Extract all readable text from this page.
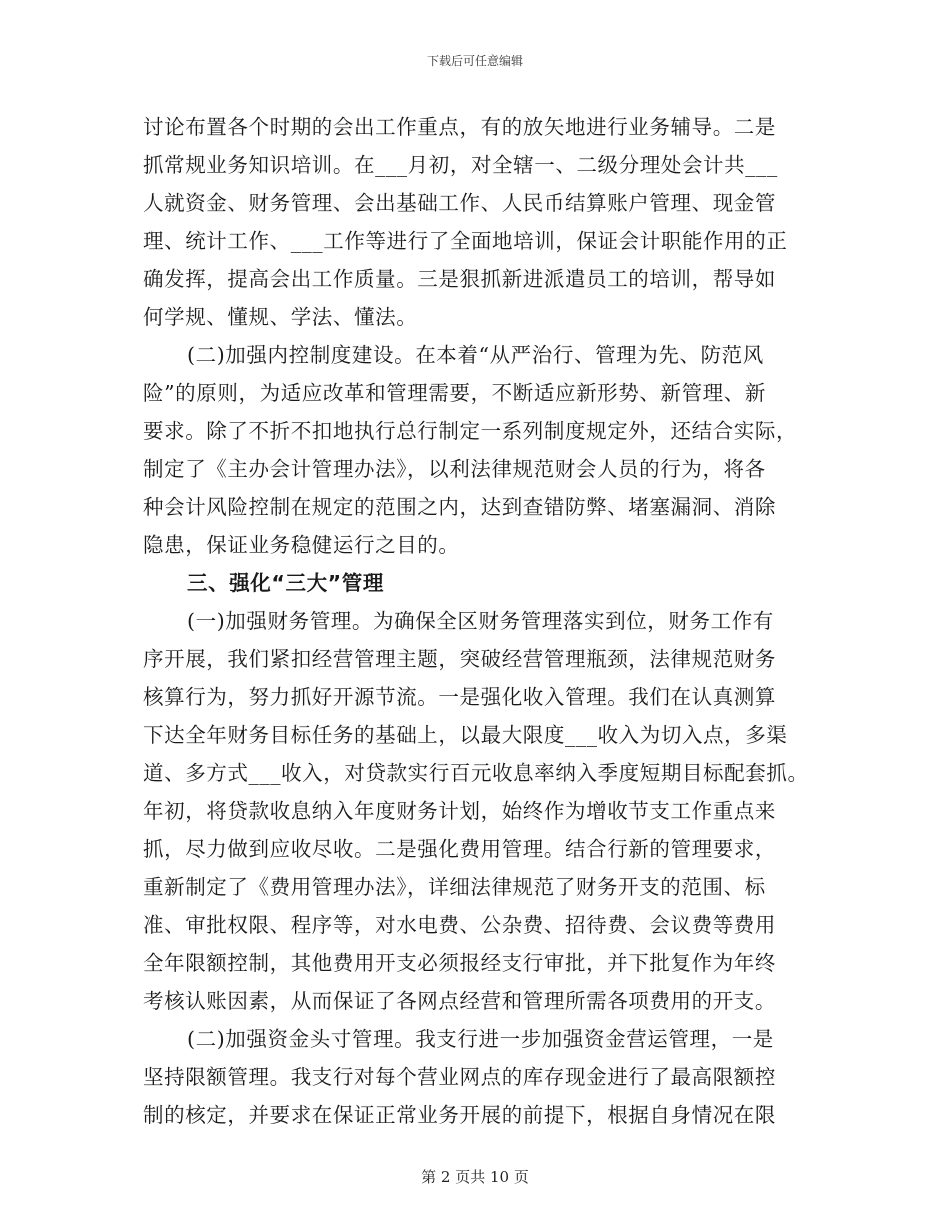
下载后可任意编辑
讨论布置各个时期的会出工作重点，有的放矢地进行业务辅导。二是
抓常规业务知识培训。在___月初，对全辖一、二级分理处会计共___
人就资金、财务管理、会出基础工作、人民币结算账户管理、现金管
理、统计工作、___工作等进行了全面地培训，保证会计职能作用的正
确发挥，提高会出工作质量。三是狠抓新进派遣员工的培训，帮导如
何学规、懂规、学法、懂法。
(二)加强内控制度建设。在本着“从严治行、管理为先、防范风
险”的原则，为适应改革和管理需要，不断适应新形势、新管理、新
要求。除了不折不扣地执行总行制定一系列制度规定外，还结合实际，
制定了《主办会计管理办法》，以利法律规范财会人员的行为，将各
种会计风险控制在规定的范围之内，达到查错防弊、堵塞漏洞、消除
隐患，保证业务稳健运行之目的。
三、强化“三大”管理
(一)加强财务管理。为确保全区财务管理落实到位，财务工作有
序开展，我们紧扣经营管理主题，突破经营管理瓶颈，法律规范财务
核算行为，努力抓好开源节流。一是强化收入管理。我们在认真测算
下达全年财务目标任务的基础上，以最大限度___收入为切入点，多渠
道、多方式___收入，对贷款实行百元收息率纳入季度短期目标配套抓。
年初，将贷款收息纳入年度财务计划，始终作为增收节支工作重点来
抓，尽力做到应收尽收。二是强化费用管理。结合行新的管理要求，
重新制定了《费用管理办法》，详细法律规范了财务开支的范围、标
准、审批权限、程序等，对水电费、公杂费、招待费、会议费等费用
全年限额控制，其他费用开支必须报经支行审批，并下批复作为年终
考核认账因素，从而保证了各网点经营和管理所需各项费用的开支。
(二)加强资金头寸管理。我支行进一步加强资金营运管理，一是
坚持限额管理。我支行对每个营业网点的库存现金进行了最高限额控
制的核定，并要求在保证正常业务开展的前提下，根据自身情况在限
第 2 页共 10 页
